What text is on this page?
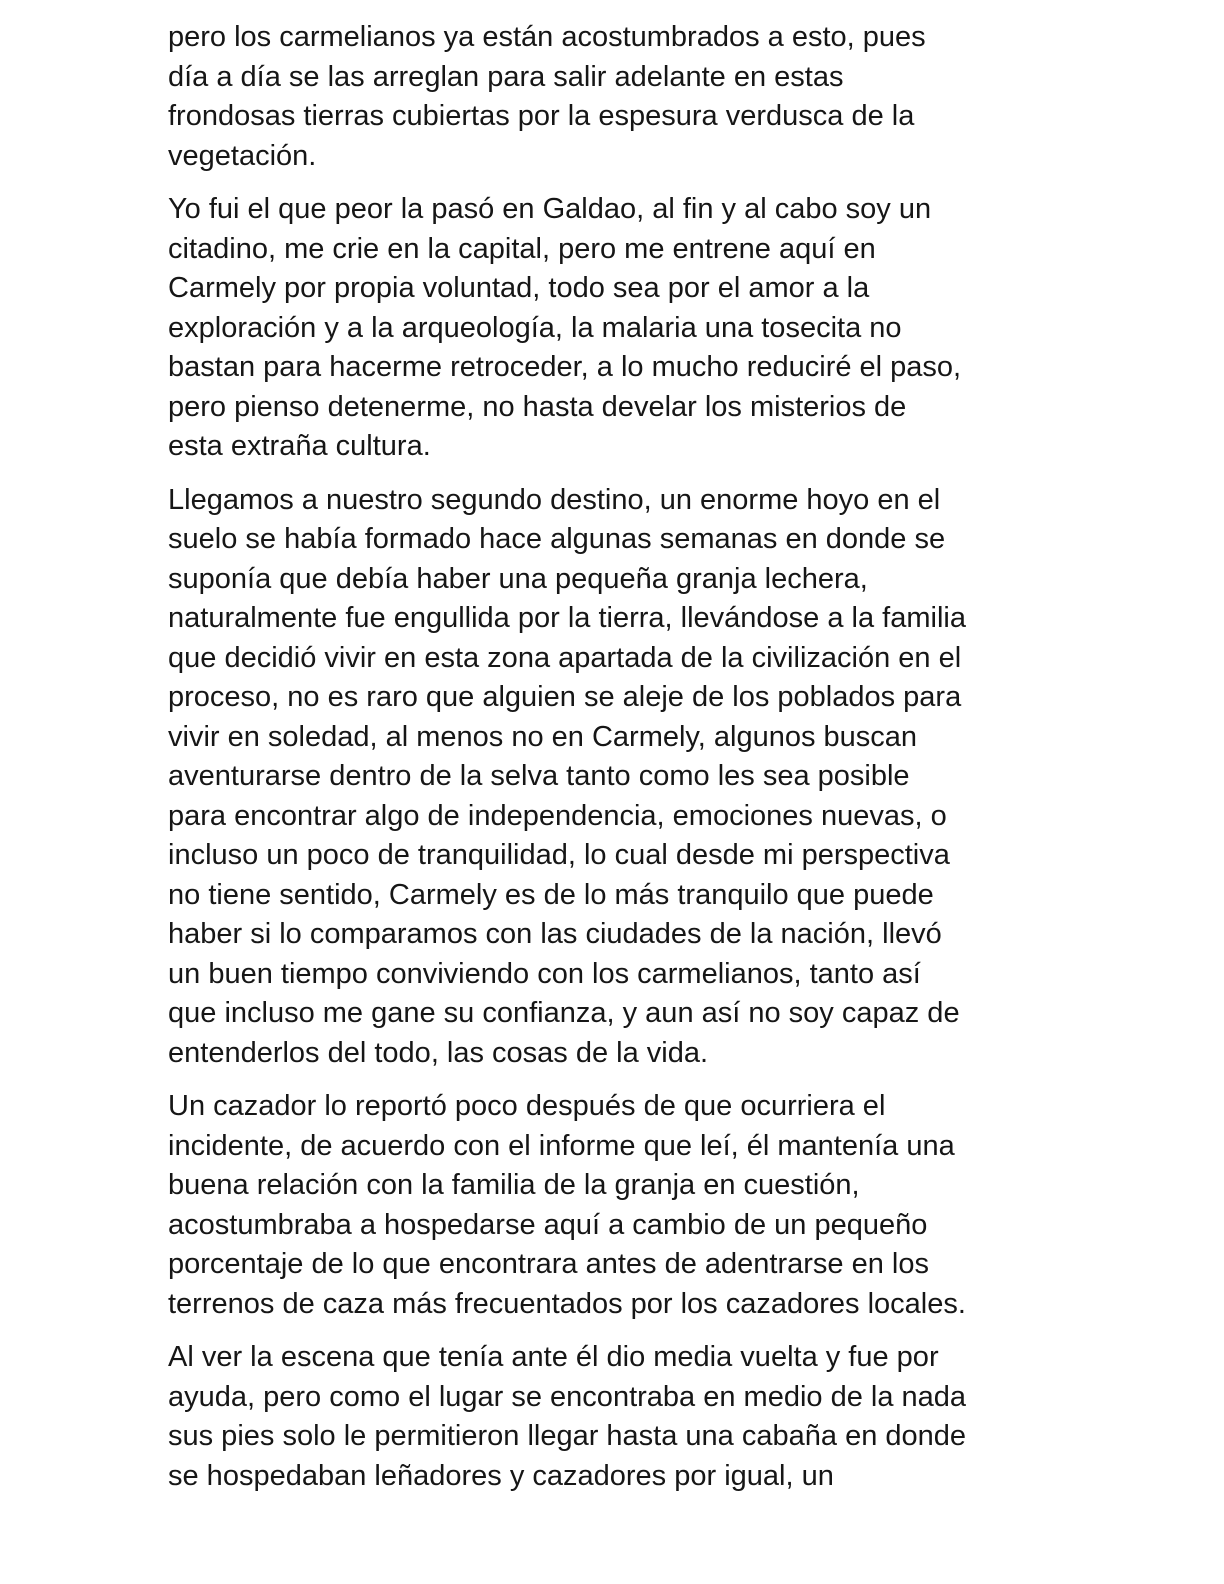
pero los carmelianos ya están acostumbrados a esto, pues
día a día se las arreglan para salir adelante en estas
frondosas tierras cubiertas por la espesura verdusca de la
vegetación.

Yo fui el que peor la pasó en Galdao, al fin y al cabo soy un
citadino, me crie en la capital, pero me entrene aquí en
Carmely por propia voluntad, todo sea por el amor a la
exploración y a la arqueología, la malaria una tosecita no
bastan para hacerme retroceder, a lo mucho reduciré el paso,
pero pienso detenerme, no hasta develar los misterios de
esta extraña cultura.

Llegamos a nuestro segundo destino, un enorme hoyo en el
suelo se había formado hace algunas semanas en donde se
suponía que debía haber una pequeña granja lechera,
naturalmente fue engullida por la tierra, llevándose a la familia
que decidió vivir en esta zona apartada de la civilización en el
proceso, no es raro que alguien se aleje de los poblados para
vivir en soledad, al menos no en Carmely, algunos buscan
aventurarse dentro de la selva tanto como les sea posible
para encontrar algo de independencia, emociones nuevas, o
incluso un poco de tranquilidad, lo cual desde mi perspectiva
no tiene sentido, Carmely es de lo más tranquilo que puede
haber si lo comparamos con las ciudades de la nación, llevó
un buen tiempo conviviendo con los carmelianos, tanto así
que incluso me gane su confianza, y aun así no soy capaz de
entenderlos del todo, las cosas de la vida.

Un cazador lo reportó poco después de que ocurriera el
incidente, de acuerdo con el informe que leí, él mantenía una
buena relación con la familia de la granja en cuestión,
acostumbraba a hospedarse aquí a cambio de un pequeño
porcentaje de lo que encontrara antes de adentrarse en los
terrenos de caza más frecuentados por los cazadores locales.

Al ver la escena que tenía ante él dio media vuelta y fue por
ayuda, pero como el lugar se encontraba en medio de la nada
sus pies solo le permitieron llegar hasta una cabaña en donde
se hospedaban leñadores y cazadores por igual, un
